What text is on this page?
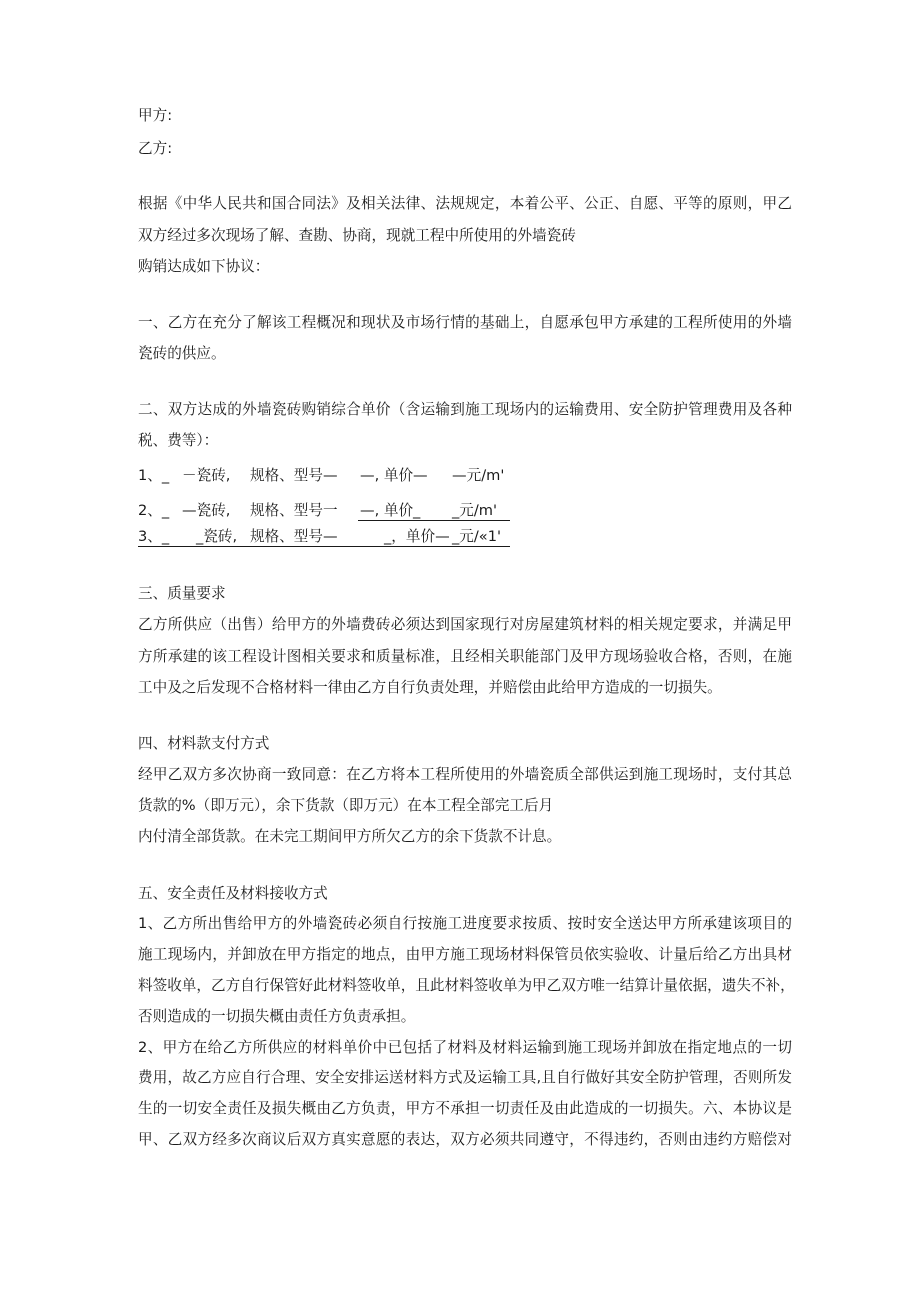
甲方:
乙方:
根据《中华人民共和国合同法》及相关法律、法规规定，本着公平、公正、自愿、平等的原则，甲乙
双方经过多次现场了解、查勘、协商，现就工程中所使用的外墙瓷砖
购销达成如下协议：
一、乙方在充分了解该工程概况和现状及市场行情的基础上，自愿承包甲方承建的工程所使用的外墙
瓷砖的供应。
二、双方达成的外墙瓷砖购销综合单价（含运输到施工现场内的运输费用、安全防护管理费用及各种
税、费等）：
1、_ －瓷砖, 规格、型号— —, 单价— —元∕m'
2、_ —瓷砖, 规格、型号一 —, 单价_ _元∕m'
3、_ _瓷砖, 规格、型号—	_，单价— _元/«1'
三、质量要求
乙方所供应（出售）给甲方的外墙费砖必须达到国家现行对房屋建筑材料的相关规定要求，并满足甲
方所承建的该工程设计图相关要求和质量标准，且经相关职能部门及甲方现场验收合格，否则，在施
工中及之后发现不合格材料一律由乙方自行负责处理，并赔偿由此给甲方造成的一切损失。
四、材料款支付方式
经甲乙双方多次协商一致同意：在乙方将本工程所使用的外墙瓷质全部供运到施工现场时，支付其总
货款的%（即万元），余下货款（即万元）在本工程全部完工后月
内付清全部货款。在未完工期间甲方所欠乙方的余下货款不计息。
五、安全责任及材料接收方式
1、乙方所出售给甲方的外墙瓷砖必须自行按施工进度要求按质、按时安全送达甲方所承建该项目的
施工现场内，并卸放在甲方指定的地点，由甲方施工现场材料保管员依实验收、计量后给乙方出具材
料签收单，乙方自行保管好此材料签收单，且此材料签收单为甲乙双方唯一结算计量依据，遗失不补，
否则造成的一切损失概由责任方负责承担。
2、甲方在给乙方所供应的材料单价中已包括了材料及材料运输到施工现场并卸放在指定地点的一切
费用，故乙方应自行合理、安全安排运送材料方式及运输工具,且自行做好其安全防护管理，否则所发
生的一切安全责任及损失概由乙方负责，甲方不承担一切责任及由此造成的一切损失。六、本协议是
甲、乙双方经多次商议后双方真实意愿的表达，双方必须共同遵守，不得违约，否则由违约方赔偿对
